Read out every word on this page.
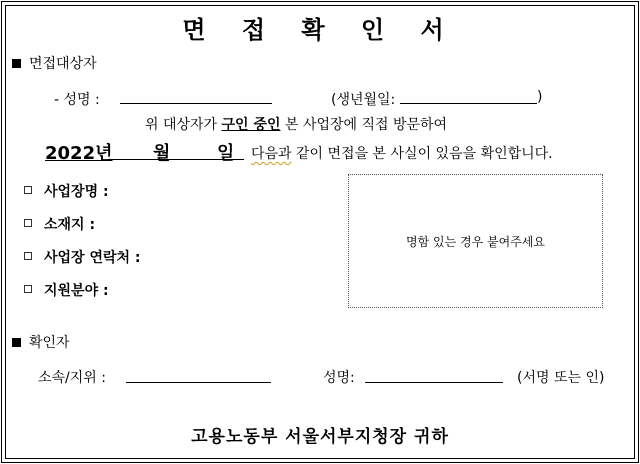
면 접 확 인 서
면접대상자
- 성명 :	(생년월일:	)
위 대상자가 구인 중인 본 사업장에 직접 방문하여
2022년 월	일 다음과 같이 면접을 본 사실이 있음을 확인합니다.
사업장명 :
소재지 :
사업장 연락처 :
지원분야 :
명함 있는 경우 붙여주세요
확인자
소속/지위 :	성명:	(서명 또는 인)
고용노동부 서울서부지청장 귀하
